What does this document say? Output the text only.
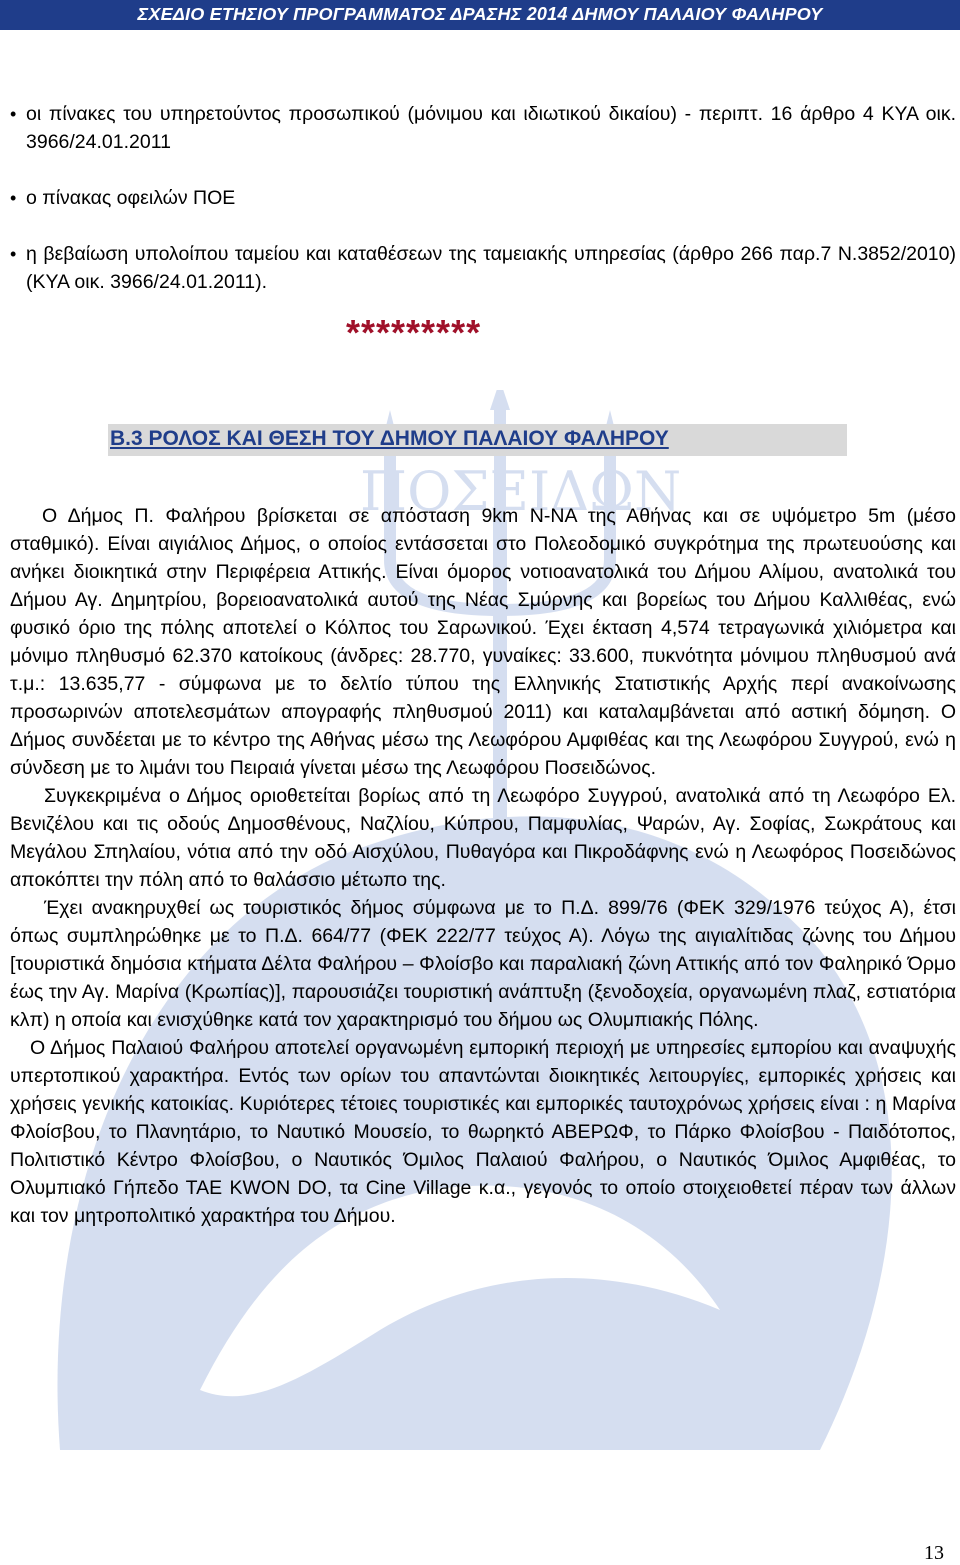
ΣΧΕΔΙΟ ΕΤΗΣΙΟΥ ΠΡΟΓΡΑΜΜΑΤΟΣ ΔΡΑΣΗΣ 2014 ΔΗΜΟΥ ΠΑΛΑΙΟΥ ΦΑΛΗΡΟΥ
ΠΟΣΕΙΔΩΝ

• οι πίνακες του υπηρετούντος προσωπικού (μόνιμου και ιδιωτικού δικαίου) - περιπτ. 16 άρθρο 4 ΚΥΑ οικ. 3966/24.01.2011

• ο πίνακας οφειλών ΠΟΕ

• η βεβαίωση υπολοίπου ταμείου και καταθέσεων της ταμειακής υπηρεσίας (άρθρο 266 παρ.7 Ν.3852/2010) (ΚΥΑ οικ. 3966/24.01.2011).

*********
Β.3 ΡΟΛΟΣ ΚΑΙ ΘΕΣΗ ΤΟΥ ΔΗΜΟΥ ΠΑΛΑΙΟΥ ΦΑΛΗΡΟΥ

Ο Δήμος Π. Φαλήρου βρίσκεται σε απόσταση 9km Ν-ΝΑ της Αθήνας και σε υψόμετρο 5m (μέσο σταθμικό). Είναι αιγιάλιος Δήμος, ο οποίος εντάσσεται στο Πολεοδομικό συγκρότημα της πρωτευούσης και ανήκει διοικητικά στην Περιφέρεια Αττικής. Είναι όμορος νοτιοανατολικά του Δήμου Αλίμου, ανατολικά του Δήμου Αγ. Δημητρίου, βορειοανατολικά αυτού της Νέας Σμύρνης και βορείως του Δήμου Καλλιθέας, ενώ φυσικό όριο της πόλης αποτελεί ο Κόλπος του Σαρωνικού. Έχει έκταση 4,574 τετραγωνικά χιλιόμετρα και μόνιμο πληθυσμό 62.370 κατοίκους (άνδρες: 28.770, γυναίκες: 33.600, πυκνότητα μόνιμου πληθυσμού ανά τ.μ.: 13.635,77 - σύμφωνα με το δελτίο τύπου της Ελληνικής Στατιστικής Αρχής περί ανακοίνωσης προσωρινών αποτελεσμάτων απογραφής πληθυσμού 2011) και καταλαμβάνεται από αστική δόμηση. Ο Δήμος συνδέεται με το κέντρο της Αθήνας μέσω της Λεωφόρου Αμφιθέας και της Λεωφόρου Συγγρού, ενώ η σύνδεση με το λιμάνι του Πειραιά γίνεται μέσω της Λεωφόρου Ποσειδώνος.

Συγκεκριμένα ο Δήμος οριοθετείται βορίως από τη Λεωφόρο Συγγρού, ανατολικά από τη Λεωφόρο Ελ. Βενιζέλου και τις οδούς Δημοσθένους, Ναζλίου, Κύπρου, Παμφυλίας, Ψαρών, Αγ. Σοφίας, Σωκράτους και Μεγάλου Σπηλαίου, νότια από την οδό Αισχύλου, Πυθαγόρα και Πικροδάφνης ενώ η Λεωφόρος Ποσειδώνος αποκόπτει την πόλη από το θαλάσσιο μέτωπο της.

Έχει ανακηρυχθεί ως τουριστικός δήμος σύμφωνα με το Π.Δ. 899/76 (ΦΕΚ 329/1976 τεύχος Α), έτσι όπως συμπληρώθηκε με το Π.Δ. 664/77 (ΦΕΚ 222/77 τεύχος Α). Λόγω της αιγιαλίτιδας ζώνης του Δήμου [τουριστικά δημόσια κτήματα Δέλτα Φαλήρου – Φλοίσβο και παραλιακή ζώνη Αττικής από τον Φαληρικό Όρμο έως την Αγ. Μαρίνα (Κρωπίας)], παρουσιάζει τουριστική ανάπτυξη (ξενοδοχεία, οργανωμένη πλαζ, εστιατόρια κλπ) η οποία και ενισχύθηκε κατά τον χαρακτηρισμό του δήμου ως Ολυμπιακής Πόλης.

Ο Δήμος Παλαιού Φαλήρου αποτελεί οργανωμένη εμπορική περιοχή με υπηρεσίες εμπορίου και αναψυχής υπερτοπικού χαρακτήρα. Εντός των ορίων του απαντώνται διοικητικές λειτουργίες, εμπορικές χρήσεις και χρήσεις γενικής κατοικίας. Κυριότερες τέτοιες τουριστικές και εμπορικές ταυτοχρόνως χρήσεις είναι : η Μαρίνα Φλοίσβου, το Πλανητάριο, το Ναυτικό Μουσείο, το θωρηκτό ΑΒΕΡΩΦ, το Πάρκο Φλοίσβου - Παιδότοπος, Πολιτιστικό Κέντρο Φλοίσβου, ο Ναυτικός Όμιλος Παλαιού Φαλήρου, ο Ναυτικός Όμιλος Αμφιθέας, το Ολυμπιακό Γήπεδο ΤΑΕ KWON DO, τα Cine Village κ.α., γεγονός το οποίο στοιχειοθετεί πέραν των άλλων και τον μητροπολιτικό χαρακτήρα του Δήμου.

13
